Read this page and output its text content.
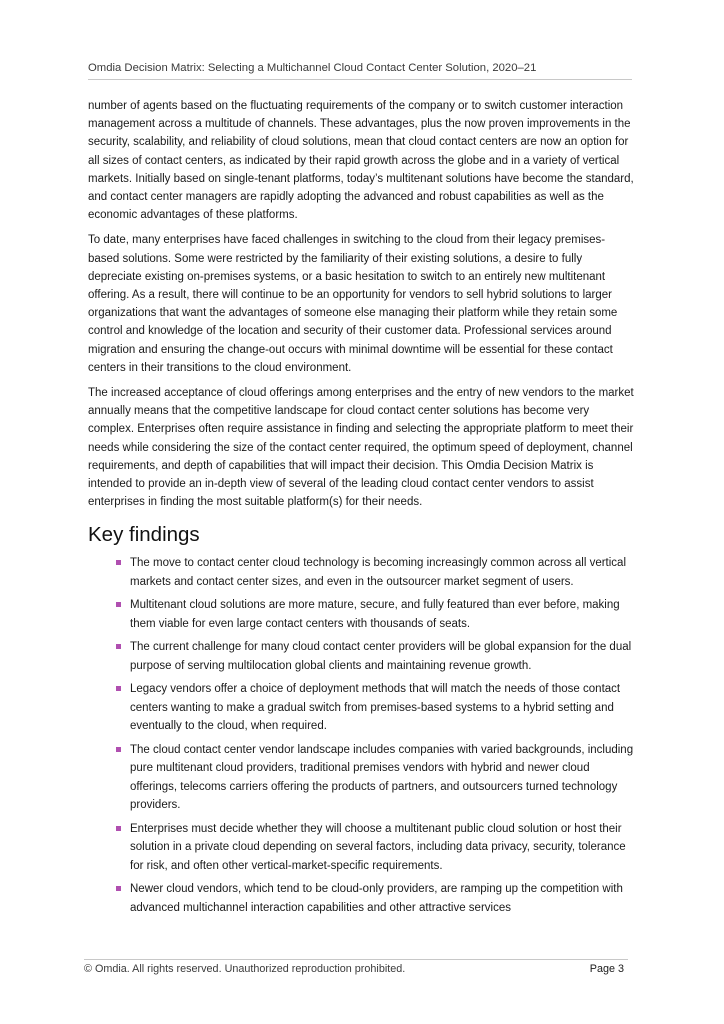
Omdia Decision Matrix: Selecting a Multichannel Cloud Contact Center Solution, 2020–21

number of agents based on the fluctuating requirements of the company or to switch customer interaction management across a multitude of channels. These advantages, plus the now proven improvements in the security, scalability, and reliability of cloud solutions, mean that cloud contact centers are now an option for all sizes of contact centers, as indicated by their rapid growth across the globe and in a variety of vertical markets. Initially based on single-tenant platforms, today’s multitenant solutions have become the standard, and contact center managers are rapidly adopting the advanced and robust capabilities as well as the economic advantages of these platforms.

To date, many enterprises have faced challenges in switching to the cloud from their legacy premises-based solutions. Some were restricted by the familiarity of their existing solutions, a desire to fully depreciate existing on-premises systems, or a basic hesitation to switch to an entirely new multitenant offering. As a result, there will continue to be an opportunity for vendors to sell hybrid solutions to larger organizations that want the advantages of someone else managing their platform while they retain some control and knowledge of the location and security of their customer data. Professional services around migration and ensuring the change-out occurs with minimal downtime will be essential for these contact centers in their transitions to the cloud environment.

The increased acceptance of cloud offerings among enterprises and the entry of new vendors to the market annually means that the competitive landscape for cloud contact center solutions has become very complex. Enterprises often require assistance in finding and selecting the appropriate platform to meet their needs while considering the size of the contact center required, the optimum speed of deployment, channel requirements, and depth of capabilities that will impact their decision. This Omdia Decision Matrix is intended to provide an in-depth view of several of the leading cloud contact center vendors to assist enterprises in finding the most suitable platform(s) for their needs.

Key findings
The move to contact center cloud technology is becoming increasingly common across all vertical markets and contact center sizes, and even in the outsourcer market segment of users.
Multitenant cloud solutions are more mature, secure, and fully featured than ever before, making them viable for even large contact centers with thousands of seats.
The current challenge for many cloud contact center providers will be global expansion for the dual purpose of serving multilocation global clients and maintaining revenue growth.
Legacy vendors offer a choice of deployment methods that will match the needs of those contact centers wanting to make a gradual switch from premises-based systems to a hybrid setting and eventually to the cloud, when required.
The cloud contact center vendor landscape includes companies with varied backgrounds, including pure multitenant cloud providers, traditional premises vendors with hybrid and newer cloud offerings, telecoms carriers offering the products of partners, and outsourcers turned technology providers.
Enterprises must decide whether they will choose a multitenant public cloud solution or host their solution in a private cloud depending on several factors, including data privacy, security, tolerance for risk, and often other vertical-market-specific requirements.
Newer cloud vendors, which tend to be cloud-only providers, are ramping up the competition with advanced multichannel interaction capabilities and other attractive services
© Omdia. All rights reserved. Unauthorized reproduction prohibited.	Page 3
